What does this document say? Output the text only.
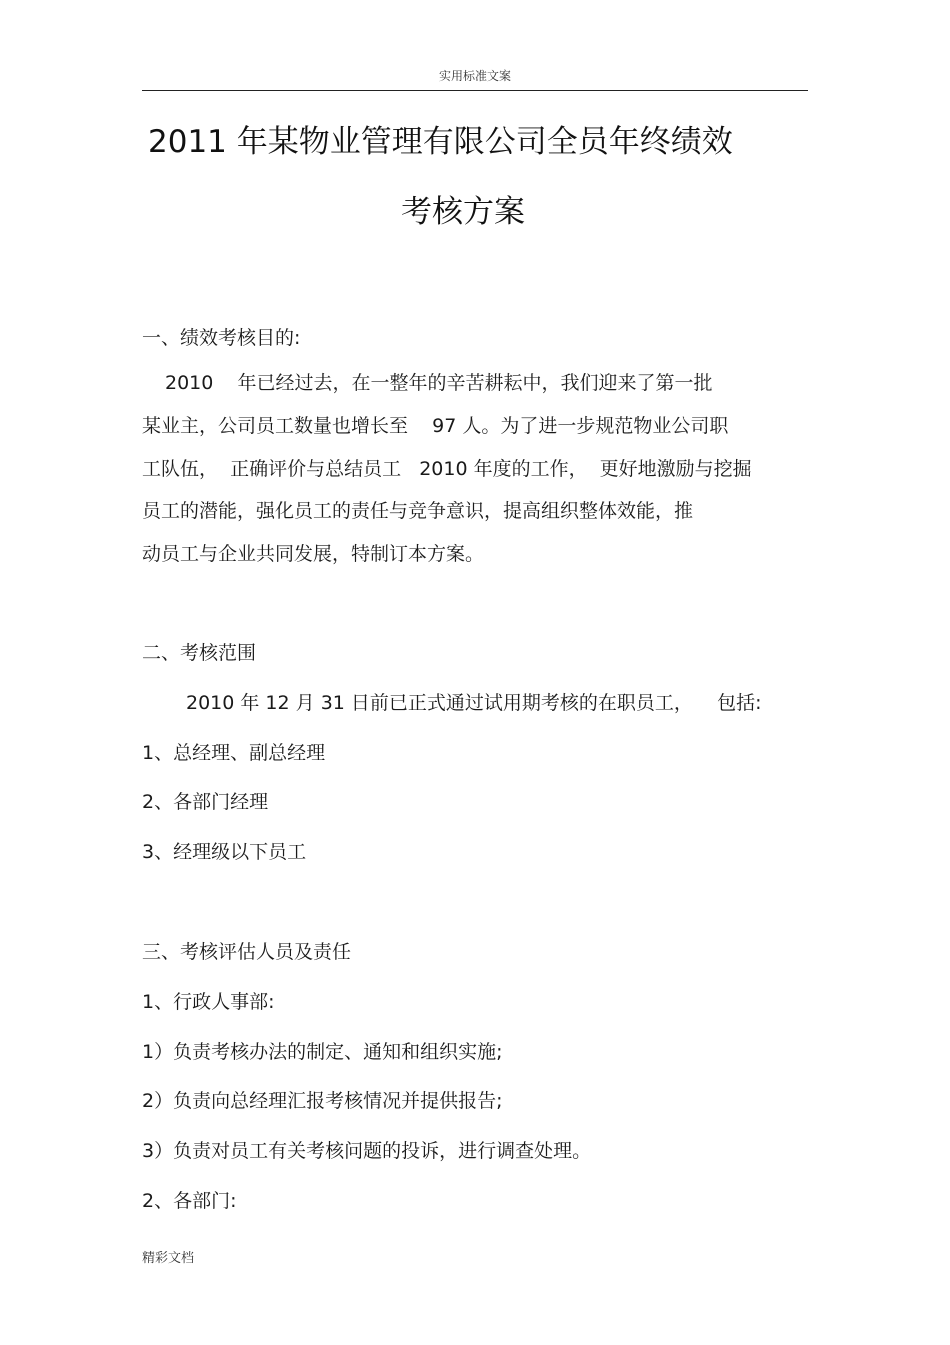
实用标准文案
2011 年某物业管理有限公司全员年终绩效
考核方案
一、绩效考核目的:
2010    年已经过去，在一整年的辛苦耕耘中，我们迎来了第一批
某业主，公司员工数量也增长至    97 人。为了进一步规范物业公司职
工队伍，  正确评价与总结员工   2010 年度的工作，  更好地激励与挖掘
员工的潜能，强化员工的责任与竞争意识，提高组织整体效能，推
动员工与企业共同发展，特制订本方案。
二、考核范围
2010 年 12 月 31 日前已正式通过试用期考核的在职员工，    包括:
1、总经理、副总经理
2、各部门经理
3、经理级以下员工
三、考核评估人员及责任
1、行政人事部:
1）负责考核办法的制定、通知和组织实施;
2）负责向总经理汇报考核情况并提供报告;
3）负责对员工有关考核问题的投诉，进行调查处理。
2、各部门:
精彩文档
